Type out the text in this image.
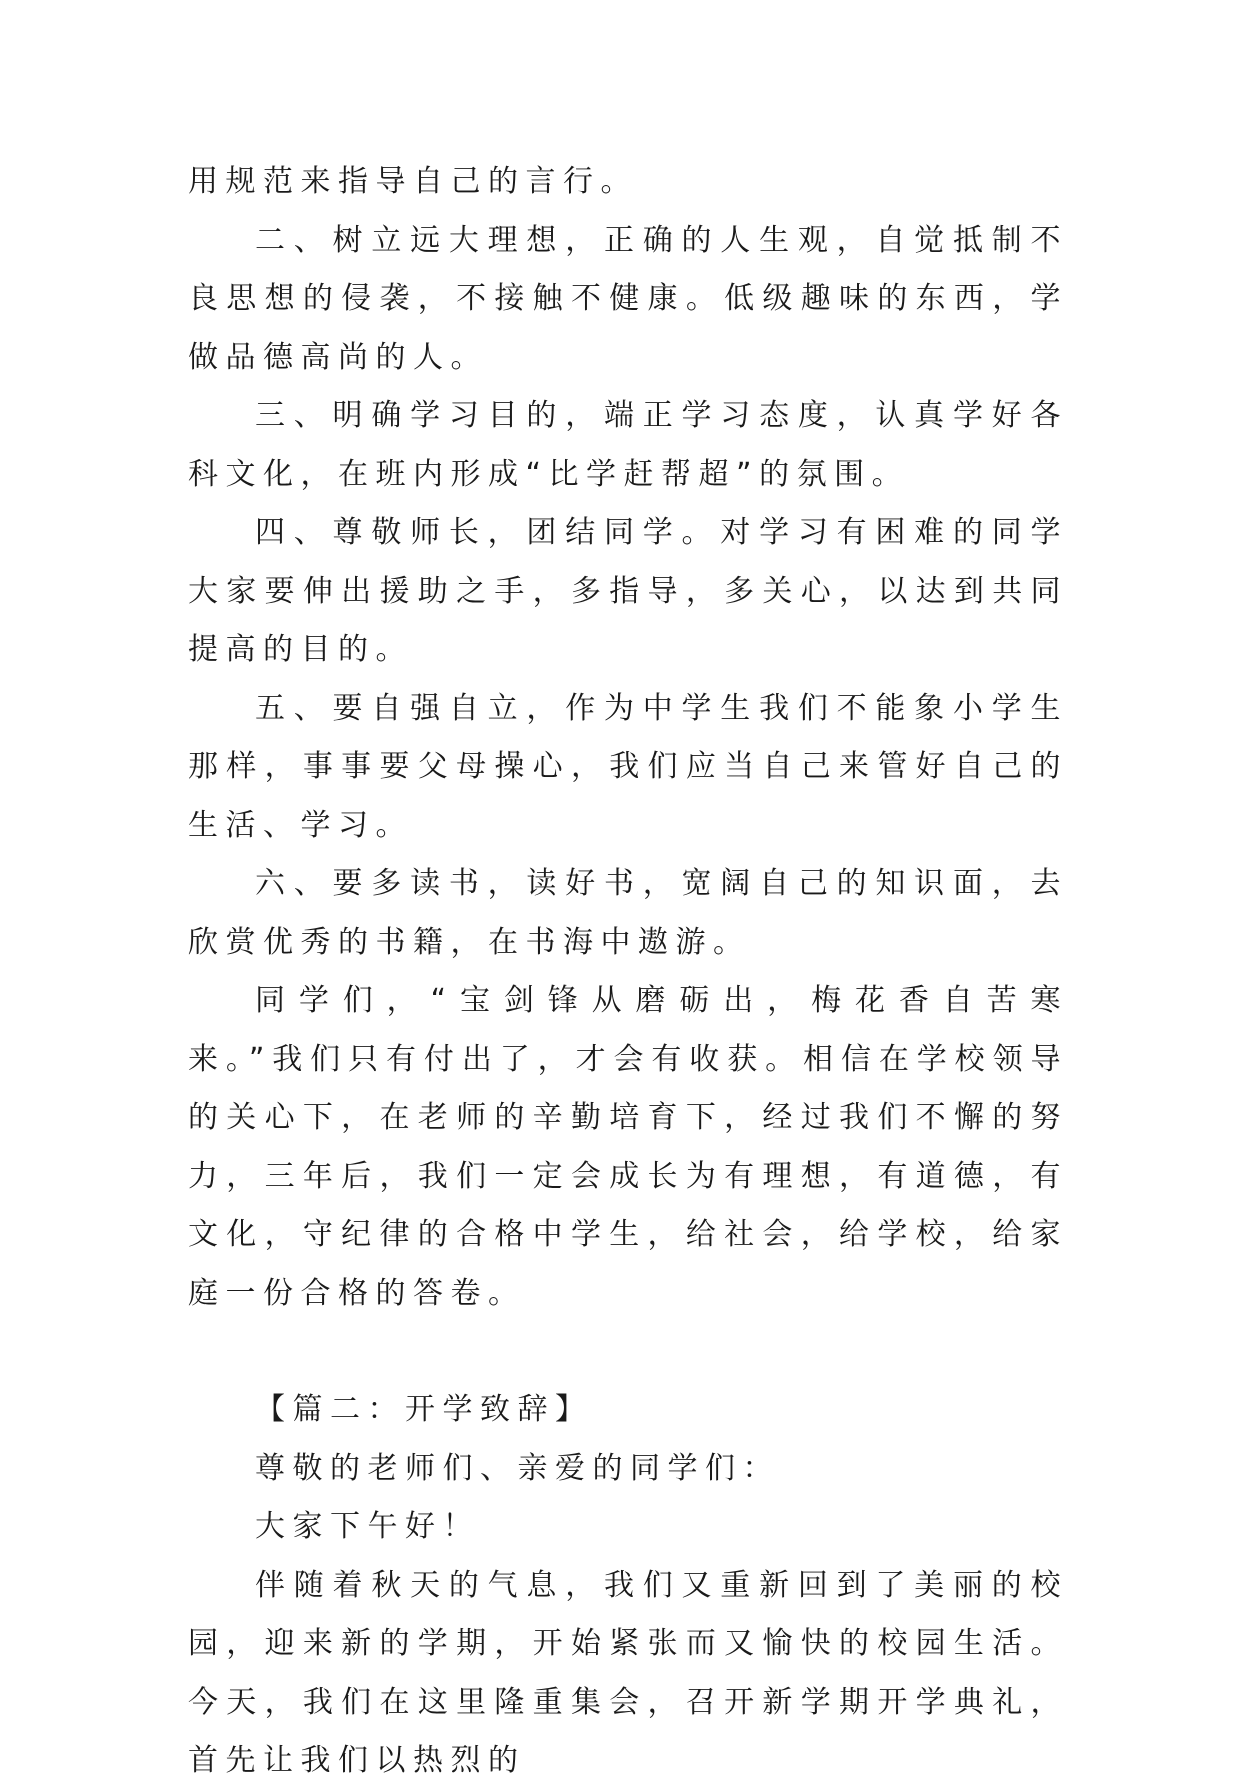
用规范来指导自己的言行。

二、树立远大理想，正确的人生观，自觉抵制不良思想的侵袭，不接触不健康。低级趣味的东西，学做品德高尚的人。

三、明确学习目的，端正学习态度，认真学好各科文化，在班内形成“比学赶帮超”的氛围。

四、尊敬师长，团结同学。对学习有困难的同学大家要伸出援助之手，多指导，多关心，以达到共同提高的目的。

五、要自强自立，作为中学生我们不能象小学生那样，事事要父母操心，我们应当自己来管好自己的生活、学习。

六、要多读书，读好书，宽阔自己的知识面，去欣赏优秀的书籍，在书海中遨游。

同学们，“宝剑锋从磨砺出，梅花香自苦寒来。”我们只有付出了，才会有收获。相信在学校领导的关心下，在老师的辛勤培育下，经过我们不懈的努力，三年后，我们一定会成长为有理想，有道德，有文化，守纪律的合格中学生，给社会，给学校，给家庭一份合格的答卷。

【篇二：开学致辞】

尊敬的老师们、亲爱的同学们：

大家下午好！

伴随着秋天的气息，我们又重新回到了美丽的校园，迎来新的学期，开始紧张而又愉快的校园生活。今天，我们在这里隆重集会，召开新学期开学典礼，首先让我们以热烈的
